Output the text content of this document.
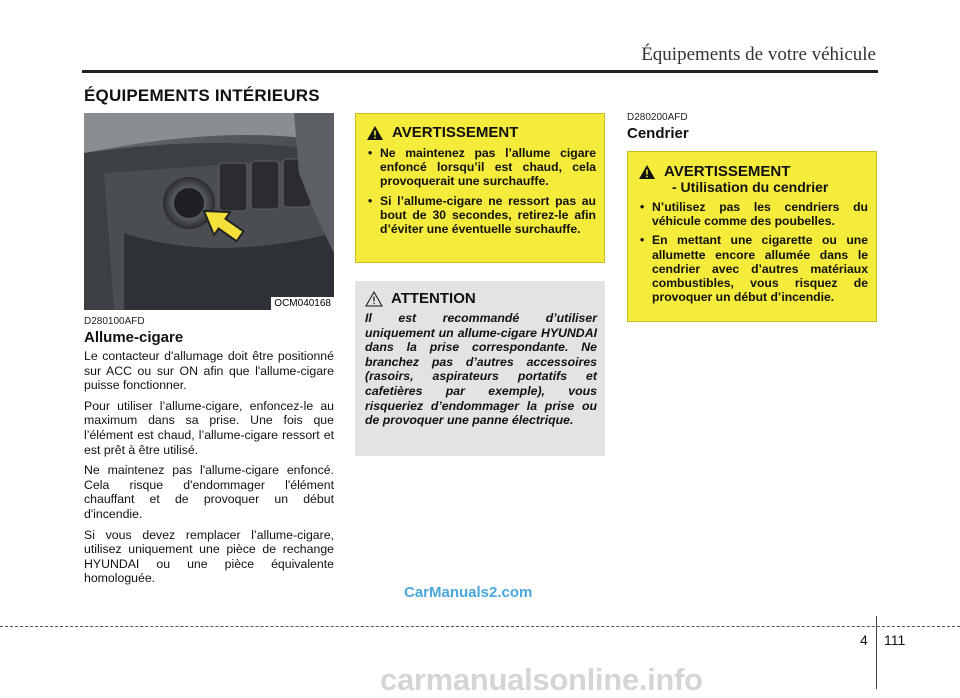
Équipements de votre véhicule
ÉQUIPEMENTS INTÉRIEURS
OCM040168
D280100AFD
Allume-cigare

Le contacteur d'allumage doit être positionné sur ACC ou sur ON afin que l'allume-cigare puisse fonctionner.

Pour utiliser l’allume-cigare, enfoncez-le au maximum dans sa prise. Une fois que l’élément est chaud, l’allume-cigare ressort et est prêt à être utilisé.

Ne maintenez pas l'allume-cigare enfoncé. Cela risque d'endommager l'élément chauffant et de provoquer un début d'incendie.

Si vous devez remplacer l’allume-cigare, utilisez uniquement une pièce de rechange HYUNDAI ou une pièce équivalente homologuée.

AVERTISSEMENT
• Ne maintenez pas l’allume cigare enfoncé lorsqu’il est chaud, cela provoquerait une surchauffe.
• Si l’allume-cigare ne ressort pas au bout de 30 secondes, retirez-le afin d’éviter une éventuelle surchauffe.
ATTENTION
Il est recommandé d’utiliser uniquement un allume-cigare HYUNDAI dans la prise correspondante. Ne branchez pas d’autres accessoires (rasoirs, aspirateurs portatifs et cafetières par exemple), vous risqueriez d’endommager la prise ou de provoquer une panne électrique.
D280200AFD
Cendrier
AVERTISSEMENT
- Utilisation du cendrier
• N’utilisez pas les cendriers du véhicule comme des poubelles.
• En mettant une cigarette ou une allumette encore allumée dans le cendrier avec d’autres matériaux combustibles, vous risquez de provoquer un début d’incendie.
CarManuals2.com
4 111
carmanualsonline.info
